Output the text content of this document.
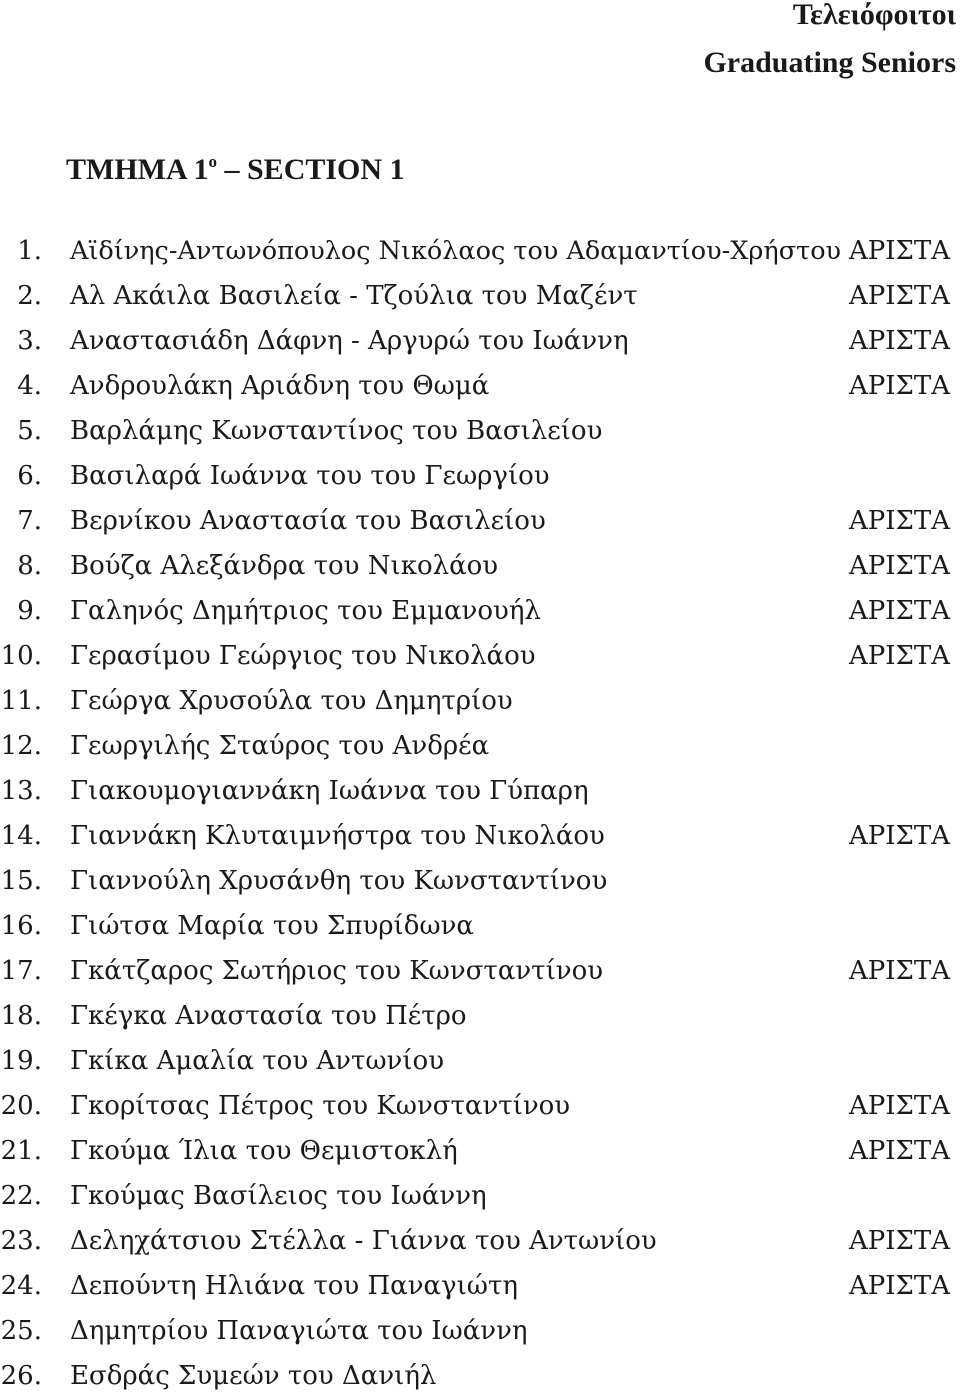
Τελειόφοιτοι
Graduating Seniors
ΤΜΗΜΑ $1^o$ – SECTION 1
1. Αϊδίνης-Αντωνόπουλος Νικόλαος του Αδαμαντίου-Χρήστου ΑΡΙΣΤΑ
2. Αλ Ακάιλα Βασιλεία - Τζούλια του Μαζέντ	ΑΡΙΣΤΑ
3. Αναστασιάδη Δάφνη - Αργυρώ του Ιωάννη	ΑΡΙΣΤΑ
4. Ανδρουλάκη Αριάδνη του Θωμά	ΑΡΙΣΤΑ
5. Βαρλάμης Κωνσταντίνος του Βασιλείου
6. Βασιλαρά Ιωάννα του του Γεωργίου
7. Βερνίκου Αναστασία του Βασιλείου	ΑΡΙΣΤΑ
8. Βούζα Αλεξάνδρα του Νικολάου	ΑΡΙΣΤΑ
9. Γαληνός Δημήτριος του Εμμανουήλ	ΑΡΙΣΤΑ
10. Γερασίμου Γεώργιος του Νικολάου	ΑΡΙΣΤΑ
11. Γεώργα Χρυσούλα του Δημητρίου
12. Γεωργιλής Σταύρος του Ανδρέα
13. Γιακουμογιαννάκη Ιωάννα του Γύπαρη
14. Γιαννάκη Κλυταιμνήστρα του Νικολάου	ΑΡΙΣΤΑ
15. Γιαννούλη Χρυσάνθη του Κωνσταντίνου
16. Γιώτσα Μαρία του Σπυρίδωνα
17. Γκάτζαρος Σωτήριος του Κωνσταντίνου	ΑΡΙΣΤΑ
18. Γκέγκα Αναστασία του Πέτρο
19. Γκίκα Αμαλία του Αντωνίου
20. Γκορίτσας Πέτρος του Κωνσταντίνου	ΑΡΙΣΤΑ
21. Γκούμα Ίλια του Θεμιστοκλή	ΑΡΙΣΤΑ
22. Γκούμας Βασίλειος του Ιωάννη
23. Δεληχάτσιου Στέλλα - Γιάννα του Αντωνίου	ΑΡΙΣΤΑ
24. Δεπούντη Ηλιάνα του Παναγιώτη	ΑΡΙΣΤΑ
25. Δημητρίου Παναγιώτα του Ιωάννη
26. Εσδράς Συμεών του Δανιήλ
